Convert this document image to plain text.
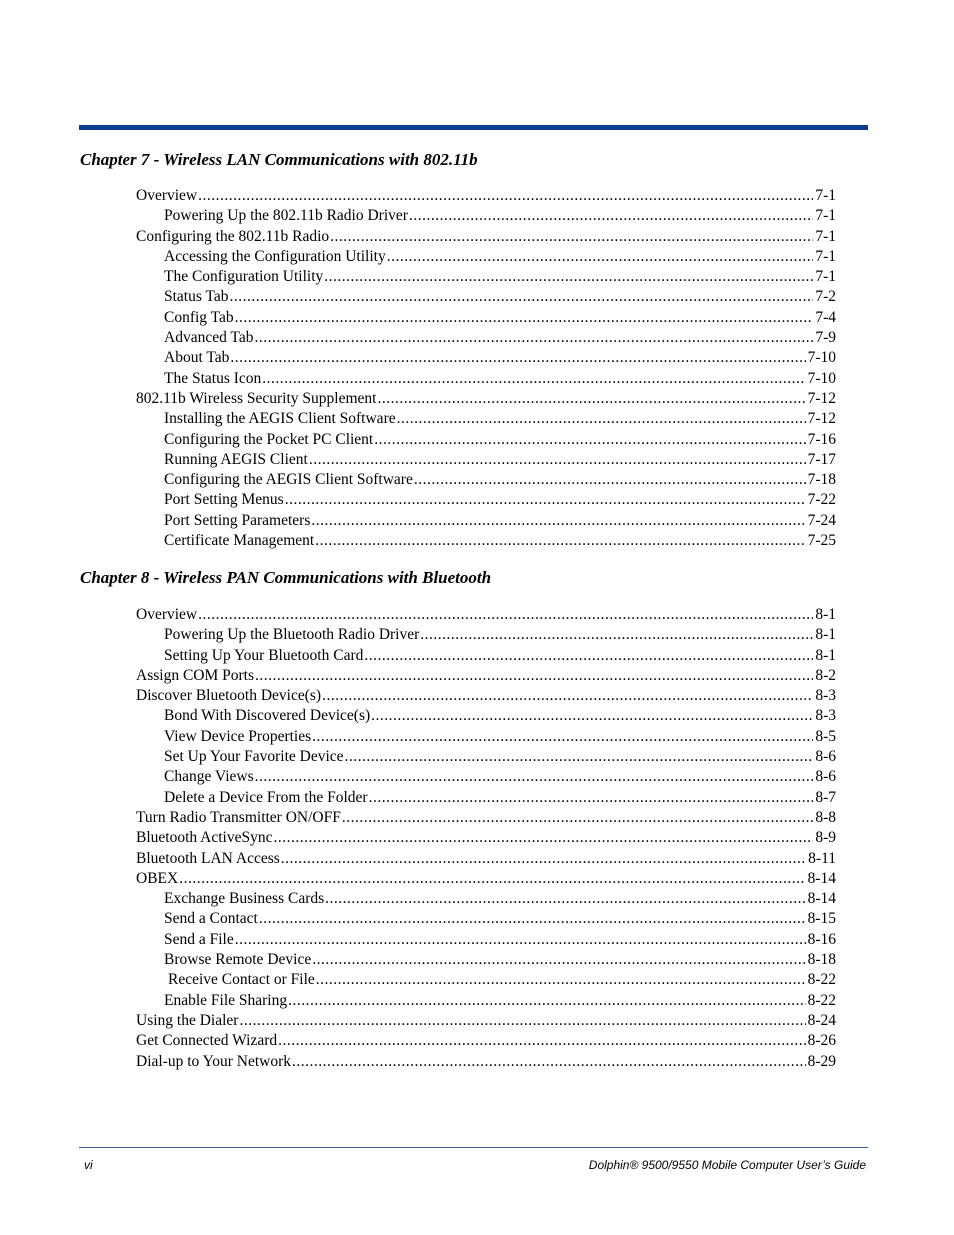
Chapter 7 - Wireless LAN Communications with 802.11b
Overview .....	7-1
Powering Up the 802.11b Radio Driver .....	7-1
Configuring the 802.11b Radio .....	7-1
Accessing the Configuration Utility .....	7-1
The Configuration Utility .....	7-1
Status Tab .....	7-2
Config Tab .....	7-4
Advanced Tab .....	7-9
About Tab .....	7-10
The Status Icon .....	7-10
802.11b Wireless Security Supplement .....	7-12
Installing the AEGIS Client Software .....	7-12
Configuring the Pocket PC Client .....	7-16
Running AEGIS Client .....	7-17
Configuring the AEGIS Client Software .....	7-18
Port Setting Menus .....	7-22
Port Setting Parameters .....	7-24
Certificate Management .....	7-25
Chapter 8 - Wireless PAN Communications with Bluetooth
Overview .....	8-1
Powering Up the Bluetooth Radio Driver .....	8-1
Setting Up Your Bluetooth Card .....	8-1
Assign COM Ports .....	8-2
Discover Bluetooth Device(s) .....	8-3
Bond With Discovered Device(s) .....	8-3
View Device Properties .....	8-5
Set Up Your Favorite Device .....	8-6
Change Views .....	8-6
Delete a Device From the Folder .....	8-7
Turn Radio Transmitter ON/OFF .....	8-8
Bluetooth ActiveSync .....	8-9
Bluetooth LAN Access .....	8-11
OBEX .....	8-14
Exchange Business Cards .....	8-14
Send a Contact .....	8-15
Send a File .....	8-16
Browse Remote Device .....	8-18
Receive Contact or File .....	8-22
Enable File Sharing .....	8-22
Using the Dialer .....	8-24
Get Connected Wizard .....	8-26
Dial-up to Your Network .....	8-29
vi	Dolphin® 9500/9550 Mobile Computer User’s Guide
